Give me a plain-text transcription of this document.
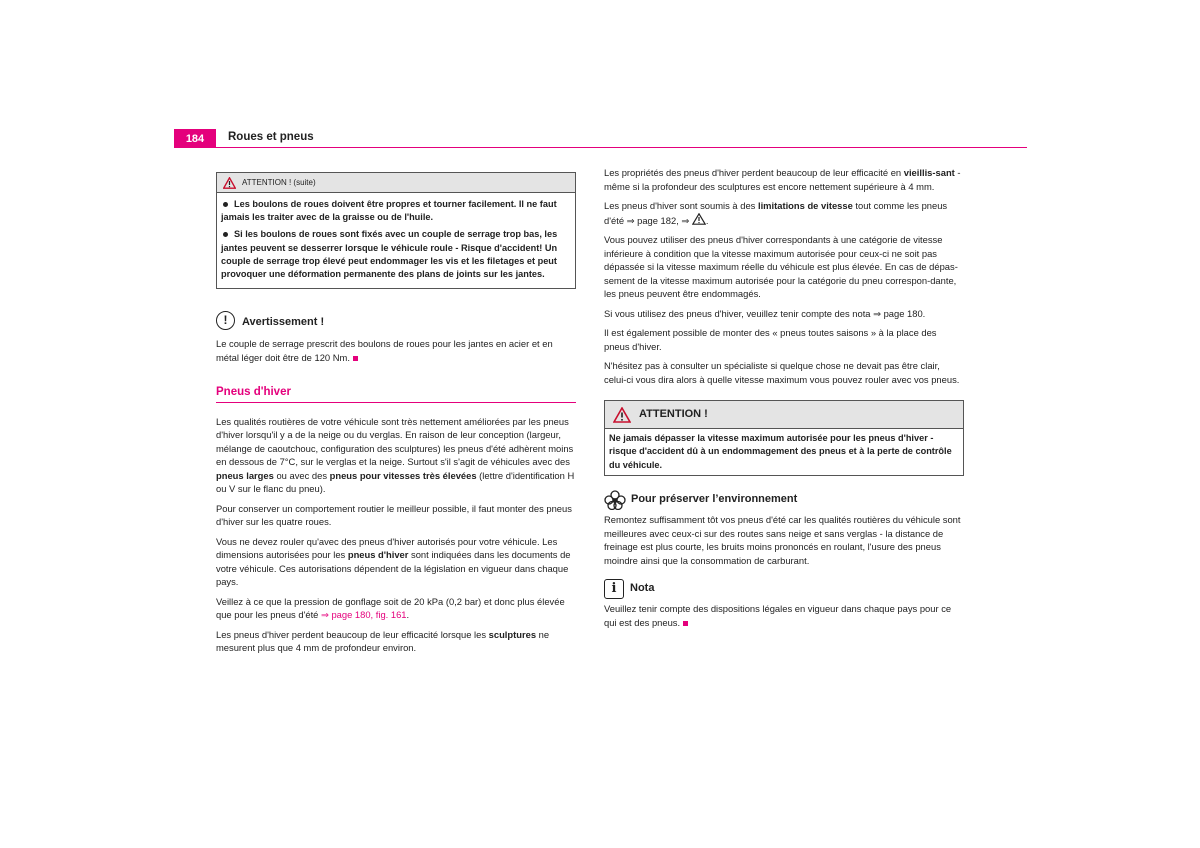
184	Roues et pneus
ATTENTION ! (suite)

Les boulons de roues doivent être propres et tourner facilement. Il ne faut jamais les traiter avec de la graisse ou de l'huile.

Si les boulons de roues sont fixés avec un couple de serrage trop bas, les jantes peuvent se desserrer lorsque le véhicule roule - Risque d'accident! Un couple de serrage trop élevé peut endommager les vis et les filetages et peut provoquer une déformation permanente des plans de joints sur les jantes.

!	Avertissement !

Le couple de serrage prescrit des boulons de roues pour les jantes en acier et en métal léger doit être de 120 Nm.

Pneus d'hiver

Les qualités routières de votre véhicule sont très nettement améliorées par les pneus d'hiver lorsqu'il y a de la neige ou du verglas. En raison de leur conception (largeur, mélange de caoutchouc, configuration des sculptures) les pneus d'été adhèrent moins en dessous de 7°C, sur le verglas et la neige. Surtout s'il s'agit de véhicules avec des pneus larges ou avec des pneus pour vitesses très élevées (lettre d'identification H ou V sur le flanc du pneu).

Pour conserver un comportement routier le meilleur possible, il faut monter des pneus d'hiver sur les quatre roues.

Vous ne devez rouler qu'avec des pneus d'hiver autorisés pour votre véhicule. Les dimensions autorisées pour les pneus d'hiver sont indiquées dans les documents de votre véhicule. Ces autorisations dépendent de la législation en vigueur dans chaque pays.

Veillez à ce que la pression de gonflage soit de 20 kPa (0,2 bar) et donc plus élevée que pour les pneus d'été ⇒ page 180, fig. 161.

Les pneus d'hiver perdent beaucoup de leur efficacité lorsque les sculptures ne mesurent plus que 4 mm de profondeur environ.

Les propriétés des pneus d'hiver perdent beaucoup de leur efficacité en vieillis-sant - même si la profondeur des sculptures est encore nettement supérieure à 4 mm.

Les pneus d'hiver sont soumis à des limitations de vitesse tout comme les pneus d'été ⇒ page 182, ⇒ .

Vous pouvez utiliser des pneus d'hiver correspondants à une catégorie de vitesse inférieure à condition que la vitesse maximum autorisée pour ceux-ci ne soit pas dépassée si la vitesse maximum réelle du véhicule est plus élevée. En cas de dépas-sement de la vitesse maximum autorisée pour la catégorie du pneu correspon-dante, les pneus peuvent être endommagés.

Si vous utilisez des pneus d'hiver, veuillez tenir compte des nota ⇒ page 180.

Il est également possible de monter des « pneus toutes saisons » à la place des pneus d'hiver.

N'hésitez pas à consulter un spécialiste si quelque chose ne devait pas être clair, celui-ci vous dira alors à quelle vitesse maximum vous pouvez rouler avec vos pneus.

ATTENTION !
Ne jamais dépasser la vitesse maximum autorisée pour les pneus d'hiver - risque d'accident dû à un endommagement des pneus et à la perte de contrôle du véhicule.
Pour préserver l’environnement

Remontez suffisamment tôt vos pneus d'été car les qualités routières du véhicule sont meilleures avec ceux-ci sur des routes sans neige et sans verglas - la distance de freinage est plus courte, les bruits moins prononcés en roulant, l'usure des pneus moindre ainsi que la consommation de carburant.

i	Nota

Veuillez tenir compte des dispositions légales en vigueur dans chaque pays pour ce qui est des pneus.
